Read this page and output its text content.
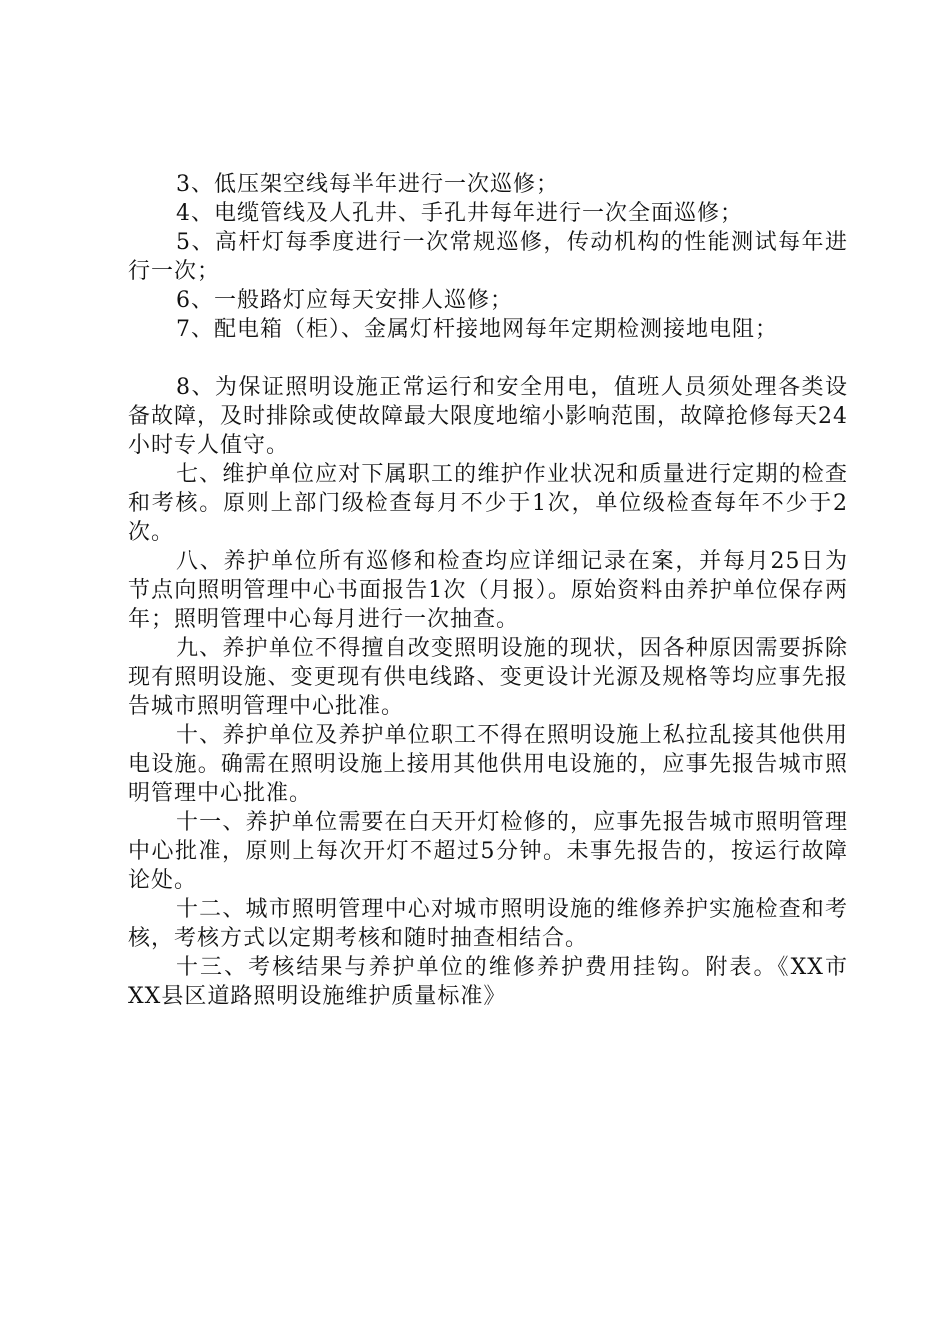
3、低压架空线每半年进行一次巡修；

4、电缆管线及人孔井、手孔井每年进行一次全面巡修；

5、高杆灯每季度进行一次常规巡修，传动机构的性能测试每年进行一次；

6、一般路灯应每天安排人巡修；

7、配电箱（柜）、金属灯杆接地网每年定期检测接地电阻；

8、为保证照明设施正常运行和安全用电，值班人员须处理各类设备故障，及时排除或使故障最大限度地缩小影响范围，故障抢修每天24小时专人值守。

七、维护单位应对下属职工的维护作业状况和质量进行定期的检查和考核。原则上部门级检查每月不少于1次，单位级检查每年不少于2次。

八、养护单位所有巡修和检查均应详细记录在案，并每月25日为节点向照明管理中心书面报告1次（月报）。原始资料由养护单位保存两年；照明管理中心每月进行一次抽查。

九、养护单位不得擅自改变照明设施的现状，因各种原因需要拆除现有照明设施、变更现有供电线路、变更设计光源及规格等均应事先报告城市照明管理中心批准。

十、养护单位及养护单位职工不得在照明设施上私拉乱接其他供用电设施。确需在照明设施上接用其他供用电设施的，应事先报告城市照明管理中心批准。

十一、养护单位需要在白天开灯检修的，应事先报告城市照明管理中心批准，原则上每次开灯不超过5分钟。未事先报告的，按运行故障论处。

十二、城市照明管理中心对城市照明设施的维修养护实施检查和考核，考核方式以定期考核和随时抽查相结合。

十三、考核结果与养护单位的维修养护费用挂钩。附表。《XX市XX县区道路照明设施维护质量标准》
